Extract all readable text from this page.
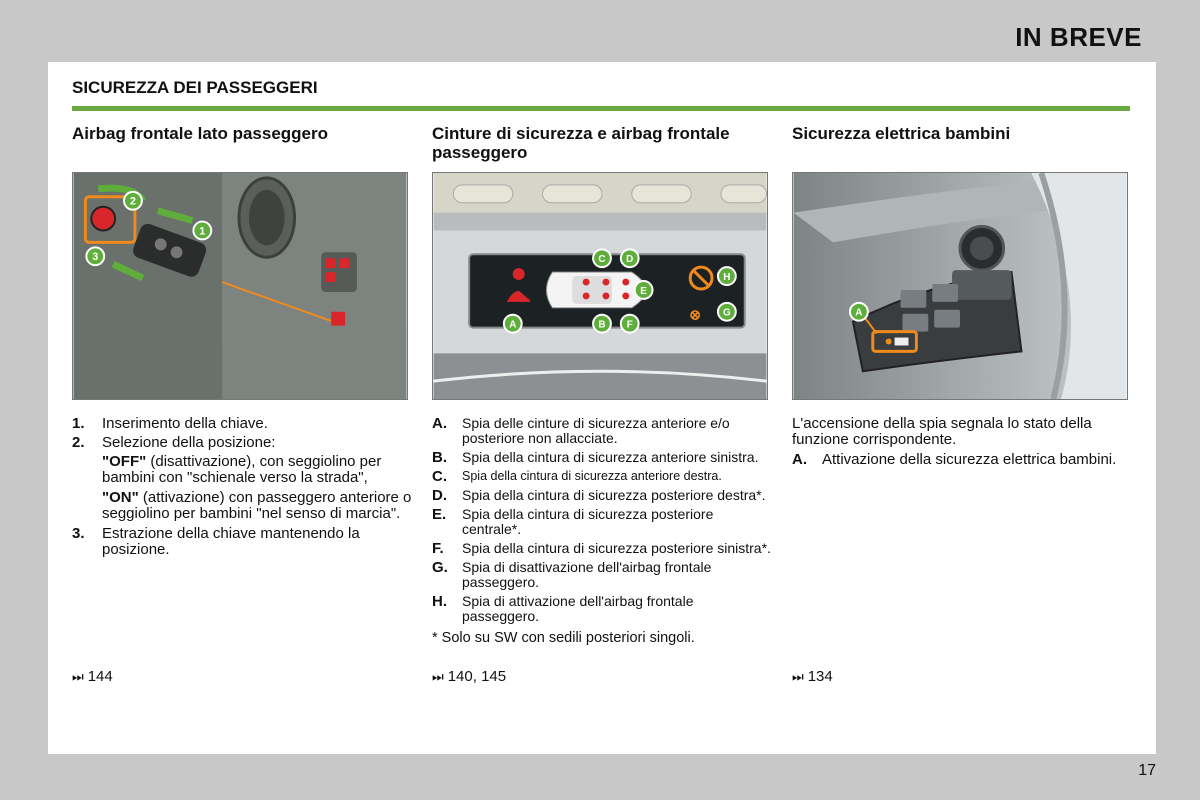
IN BREVE
SICUREZZA DEI PASSEGGERI
Airbag frontale lato passeggero
2
1
3
1.	Inserimento della chiave.
2.	Selezione della posizione:
"OFF" (disattivazione), con seggiolino per bambini con "schienale verso la strada",
"ON" (attivazione) con passeggero anteriore o seggiolino per bambini "nel senso di marcia".
3.	Estrazione della chiave mantenendo la posizione.
Cinture di sicurezza e airbag frontale passeggero
⊗
A	B
C D
E
F
G
H
A.	Spia delle cinture di sicurezza anteriore e/o posteriore non allacciate.
B.	Spia della cintura di sicurezza anteriore sinistra.
C.	Spia della cintura di sicurezza anteriore destra.
D.	Spia della cintura di sicurezza posteriore destra*.
E.	Spia della cintura di sicurezza posteriore centrale*.
F.	Spia della cintura di sicurezza posteriore sinistra*.
G.	Spia di disattivazione dell'airbag frontale passeggero.
H.	Spia di attivazione dell'airbag frontale passeggero.
* Solo su SW con sedili posteriori singoli.
Sicurezza elettrica bambini
A
L'accensione della spia segnala lo stato della funzione corrispondente.
A.	Attivazione della sicurezza elettrica bambini.
⏭ 144	⏭ 140, 145	⏭ 134
17
